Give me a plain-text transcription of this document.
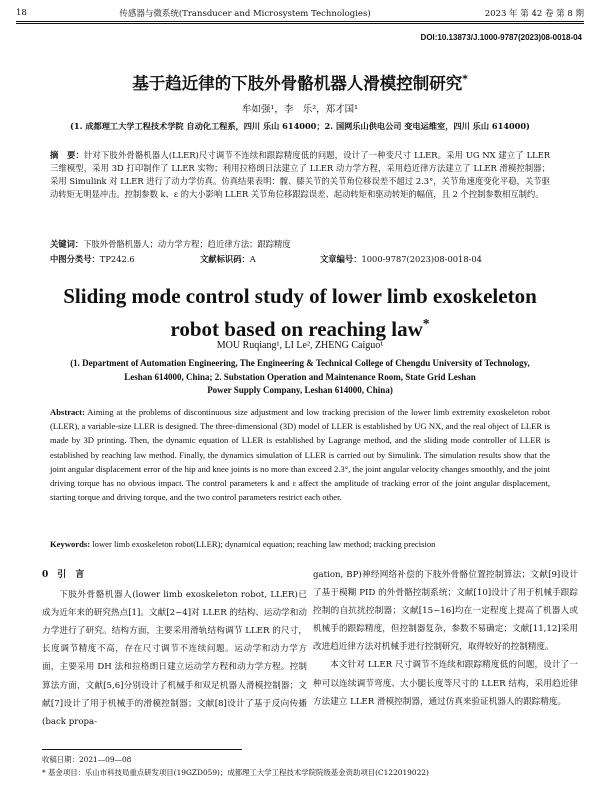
18	传感器与微系统(Transducer and Microsystem Technologies)	2023 年 第 42 卷 第 8 期
DOI:10.13873/J.1000-9787(2023)08-0018-04
基于趋近律的下肢外骨骼机器人滑模控制研究*
牟如强¹，李　乐²，郑才国¹
(1. 成都理工大学工程技术学院 自动化工程系，四川 乐山 614000；2. 国网乐山供电公司 变电运维室，四川 乐山 614000)
摘　要：针对下肢外骨骼机器人(LLER)尺寸调节不连续和跟踪精度低的问题，设计了一种变尺寸 LLER。采用 UG NX 建立了 LLER 三维模型，采用 3D 打印制作了 LLER 实物；利用拉格朗日法建立了 LLER 动力学方程，采用趋近律方法建立了 LLER 滑模控制器；采用 Simulink 对 LLER 进行了动力学仿真。仿真结果表明：髋、膝关节的关节角位移误差不超过 2.3°，关节角速度变化平稳，关节驱动转矩无明显冲击。控制参数 k、ε 的大小影响 LLER 关节角位移跟踪误差、起动转矩和驱动转矩的幅值，且 2 个控制参数相互制约。
关键词：下肢外骨骼机器人；动力学方程；趋近律方法；跟踪精度
中图分类号：TP242.6	文献标识码：A	文章编号：1000-9787(2023)08-0018-04
Sliding mode control study of lower limb exoskeleton
robot based on reaching law*
MOU Ruqiang¹, LI Le², ZHENG Caiguo¹
(1. Department of Automation Engineering, The Engineering & Technical College of Chengdu University of Technology,
Leshan 614000, China; 2. Substation Operation and Maintenance Room, State Grid Leshan
Power Supply Company, Leshan 614000, China)
Abstract: Aiming at the problems of discontinuous size adjustment and low tracking precision of the lower limb extremity exoskeleton robot (LLER), a variable-size LLER is designed. The three-dimensional (3D) model of LLER is established by UG NX, and the real object of LLER is made by 3D printing. Then, the dynamic equation of LLER is established by Lagrange method, and the sliding mode controller of LLER is established by reaching law method. Finally, the dynamics simulation of LLER is carried out by Simulink. The simulation results show that the joint angular displacement error of the hip and knee joints is no more than exceed 2.3°, the joint angular velocity changes smoothly, and the joint driving torque has no obvious impact. The control parameters k and ε affect the amplitude of tracking error of the joint angular displacement, starting torque and driving torque, and the two control parameters restrict each other.
Keywords: lower limb exoskeleton robot(LLER); dynamical equation; reaching law method; tracking precision
0　引　言

下肢外骨骼机器人(lower limb exoskeleton robot, LLER)已成为近年来的研究热点[1]。文献[2~4]对 LLER 的结构、运动学和动力学进行了研究。结构方面，主要采用滑轨结构调节 LLER 的尺寸，长度调节精度不高，存在尺寸调节不连续问题。运动学和动力学方面，主要采用 DH 法和拉格朗日建立运动学方程和动力学方程。控制算法方面，文献[5,6]分别设计了机械手和双足机器人滑模控制器；文献[7]设计了用于机械手的滑模控制器；文献[8]设计了基于反向传播(back propa-

gation, BP)神经网络补偿的下肢外骨骼位置控制算法；文献[9]设计了基于模糊 PID 的外骨骼控制系统；文献[10]设计了用于机械手跟踪控制的自抗扰控制器；文献[15~16]均在一定程度上提高了机器人或机械手的跟踪精度，但控制器复杂，参数不易确定；文献[11,12]采用改进趋近律方法对机械手进行控制研究，取得较好的控制精度。

本文针对 LLER 尺寸调节不连续和跟踪精度低的问题，设计了一种可以连续调节弯度、大小腿长度等尺寸的 LLER 结构，采用趋近律方法建立 LLER 滑模控制器，通过仿真来验证机器人的跟踪精度。

收稿日期：2021—09—08
* 基金项目：乐山市科技局重点研发项目(19GZD059)；成都理工大学工程技术学院院级基金资助项目(C122019022)
